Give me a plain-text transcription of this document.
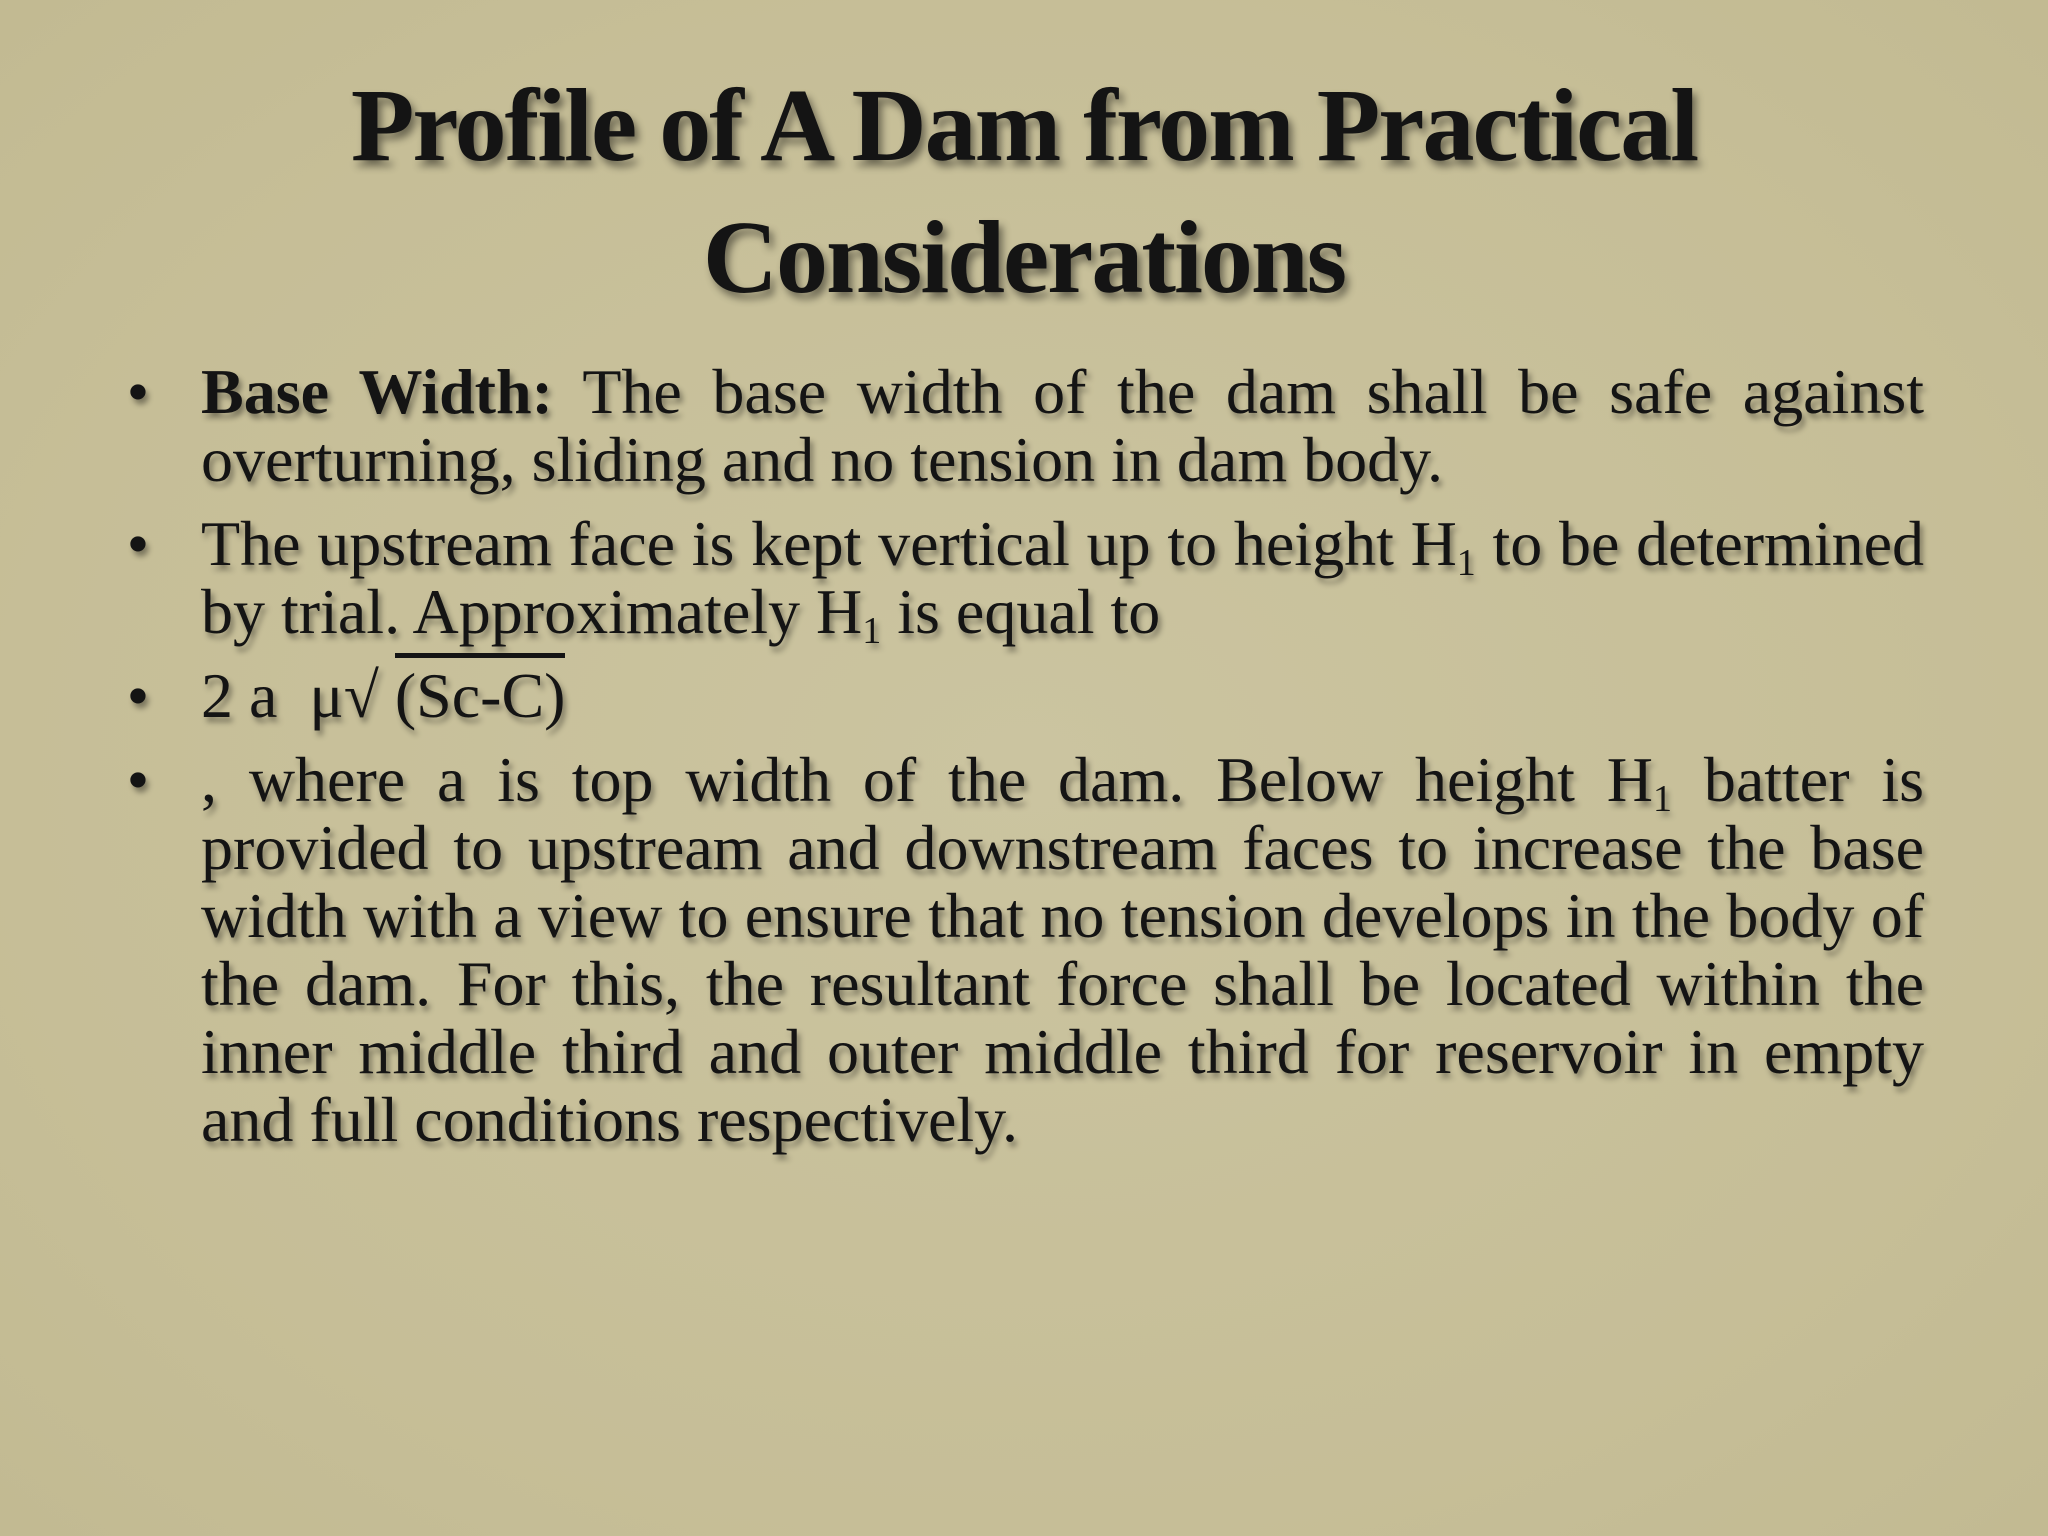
Profile of A Dam from Practical
Considerations
• Base Width: The base width of the dam shall be safe against overturning, sliding and no tension in dam body.
• The upstream face is kept vertical up to height $H_1$ to be determined by trial. Approximately $H_1$ is equal to
• 2 a  μ√ (Sc-C)
• , where a is top width of the dam. Below height $H_1$ batter is provided to upstream and downstream faces to increase the base width with a view to ensure that no tension develops in the body of the dam. For this, the resultant force shall be located within the inner middle third and outer middle third for reservoir in empty and full conditions respectively.
